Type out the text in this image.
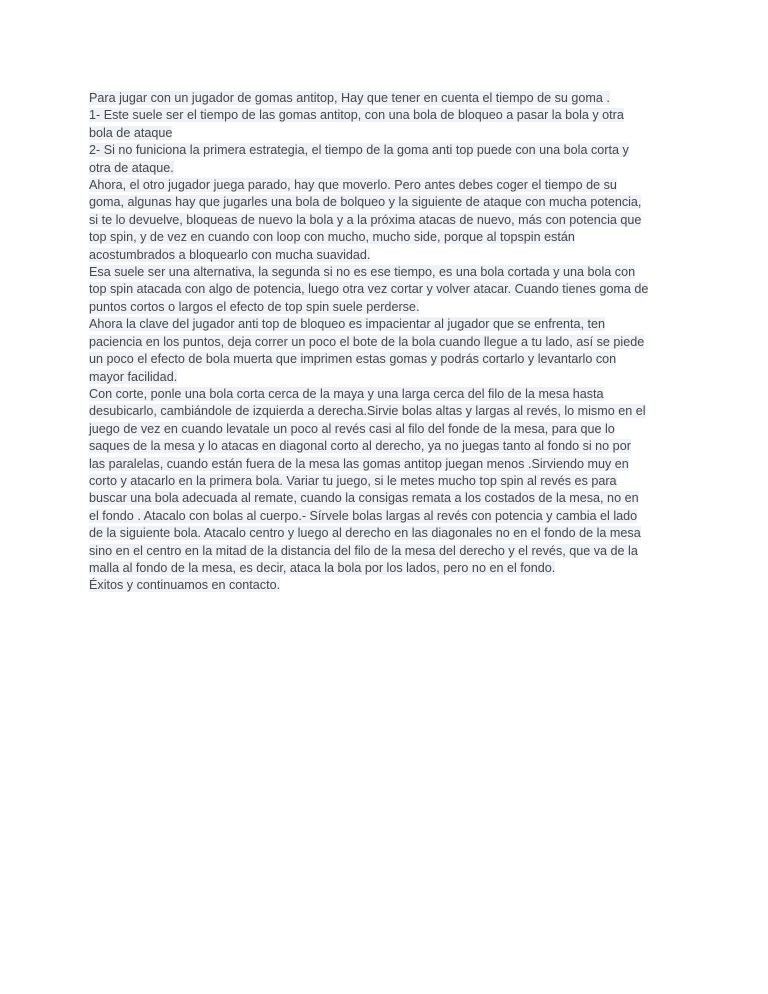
Para jugar con un jugador de gomas antitop, Hay que tener en cuenta el tiempo de su goma .
1- Este suele ser el tiempo de las gomas antitop, con una bola de bloqueo a pasar la bola y otra
bola de ataque
2- Si no funiciona la primera estrategia, el tiempo de la goma anti top puede con una bola corta y
otra de ataque.
Ahora, el otro jugador juega parado, hay que moverlo. Pero antes debes coger el tiempo de su
goma, algunas hay que jugarles una bola de bolqueo y la siguiente de ataque con mucha potencia,
si te lo devuelve, bloqueas de nuevo la bola y a la próxima atacas de nuevo, más con potencia que
top spin, y de vez en cuando con loop con mucho, mucho side, porque al topspin están
acostumbrados a bloquearlo con mucha suavidad.
Esa suele ser una alternativa, la segunda si no es ese tiempo, es una bola cortada y una bola con
top spin atacada con algo de potencia, luego otra vez cortar y volver atacar. Cuando tienes goma de
puntos cortos o largos el efecto de top spin suele perderse.
Ahora la clave del jugador anti top de bloqueo es impacientar al jugador que se enfrenta, ten
paciencia en los puntos, deja correr un poco el bote de la bola cuando llegue a tu lado, así se piede
un poco el efecto de bola muerta que imprimen estas gomas y podrás cortarlo y levantarlo con
mayor facilidad.
Con corte, ponle una bola corta cerca de la maya y una larga cerca del filo de la mesa hasta
desubicarlo, cambiándole de izquierda a derecha.Sirvie bolas altas y largas al revés, lo mismo en el
juego de vez en cuando levatale un poco al revés casi al filo del fonde de la mesa, para que lo
saques de la mesa y lo atacas en diagonal corto al derecho, ya no juegas tanto al fondo si no por
las paralelas, cuando están fuera de la mesa las gomas antitop juegan menos .Sirviendo muy en
corto y atacarlo en la primera bola. Variar tu juego, si le metes mucho top spin al revés es para
buscar una bola adecuada al remate, cuando la consigas remata a los costados de la mesa, no en
el fondo . Atacalo con bolas al cuerpo.- Sírvele bolas largas al revés con potencia y cambia el lado
de la siguiente bola. Atacalo centro y luego al derecho en las diagonales no en el fondo de la mesa
sino en el centro en la mitad de la distancia del filo de la mesa del derecho y el revés, que va de la
malla al fondo de la mesa, es decir, ataca la bola por los lados, pero no en el fondo.
Éxitos y continuamos en contacto.
